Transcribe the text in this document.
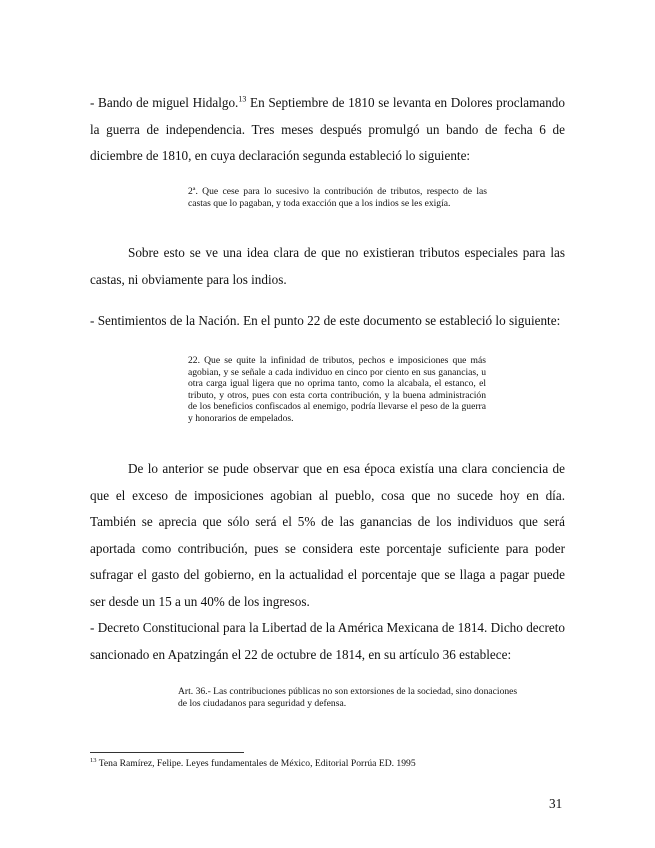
- Bando de miguel Hidalgo.$^{13}$ En Septiembre de 1810 se levanta en Dolores proclamando la guerra de independencia. Tres meses después promulgó un bando de fecha 6 de diciembre de 1810, en cuya declaración segunda estableció lo siguiente:

2ª. Que cese para lo sucesivo la contribución de tributos, respecto de las castas que lo pagaban, y toda exacción que a los indios se les exigía.

Sobre esto se ve una idea clara de que no existieran tributos especiales para las castas, ni obviamente para los indios.

- Sentimientos de la Nación. En el punto 22 de este documento se estableció lo siguiente:

22. Que se quite la infinidad de tributos, pechos e imposiciones que más agobian, y se señale a cada individuo en cinco por ciento en sus ganancias, u otra carga igual ligera que no oprima tanto, como la alcabala, el estanco, el tributo, y otros, pues con esta corta contribución, y la buena administración de los beneficios confiscados al enemigo, podría llevarse el peso de la guerra y honorarios de empelados.

De lo anterior se pude observar que en esa época existía una clara conciencia de que el exceso de imposiciones agobian al pueblo, cosa que no sucede hoy en día. También se aprecia que sólo será el 5% de las ganancias de los individuos que será aportada como contribución, pues se considera este porcentaje suficiente para poder sufragar el gasto del gobierno, en la actualidad el porcentaje que se llaga a pagar puede ser desde un 15 a un 40% de los ingresos.

- Decreto Constitucional para la Libertad de la América Mexicana de 1814. Dicho decreto sancionado en Apatzingán el 22 de octubre de 1814, en su artículo 36 establece:

Art. 36.- Las contribuciones públicas no son extorsiones de la sociedad, sino donaciones de los ciudadanos para seguridad y defensa.

$^{13}$ Tena Ramírez, Felipe. Leyes fundamentales de México, Editorial Porrúa ED. 1995

31
